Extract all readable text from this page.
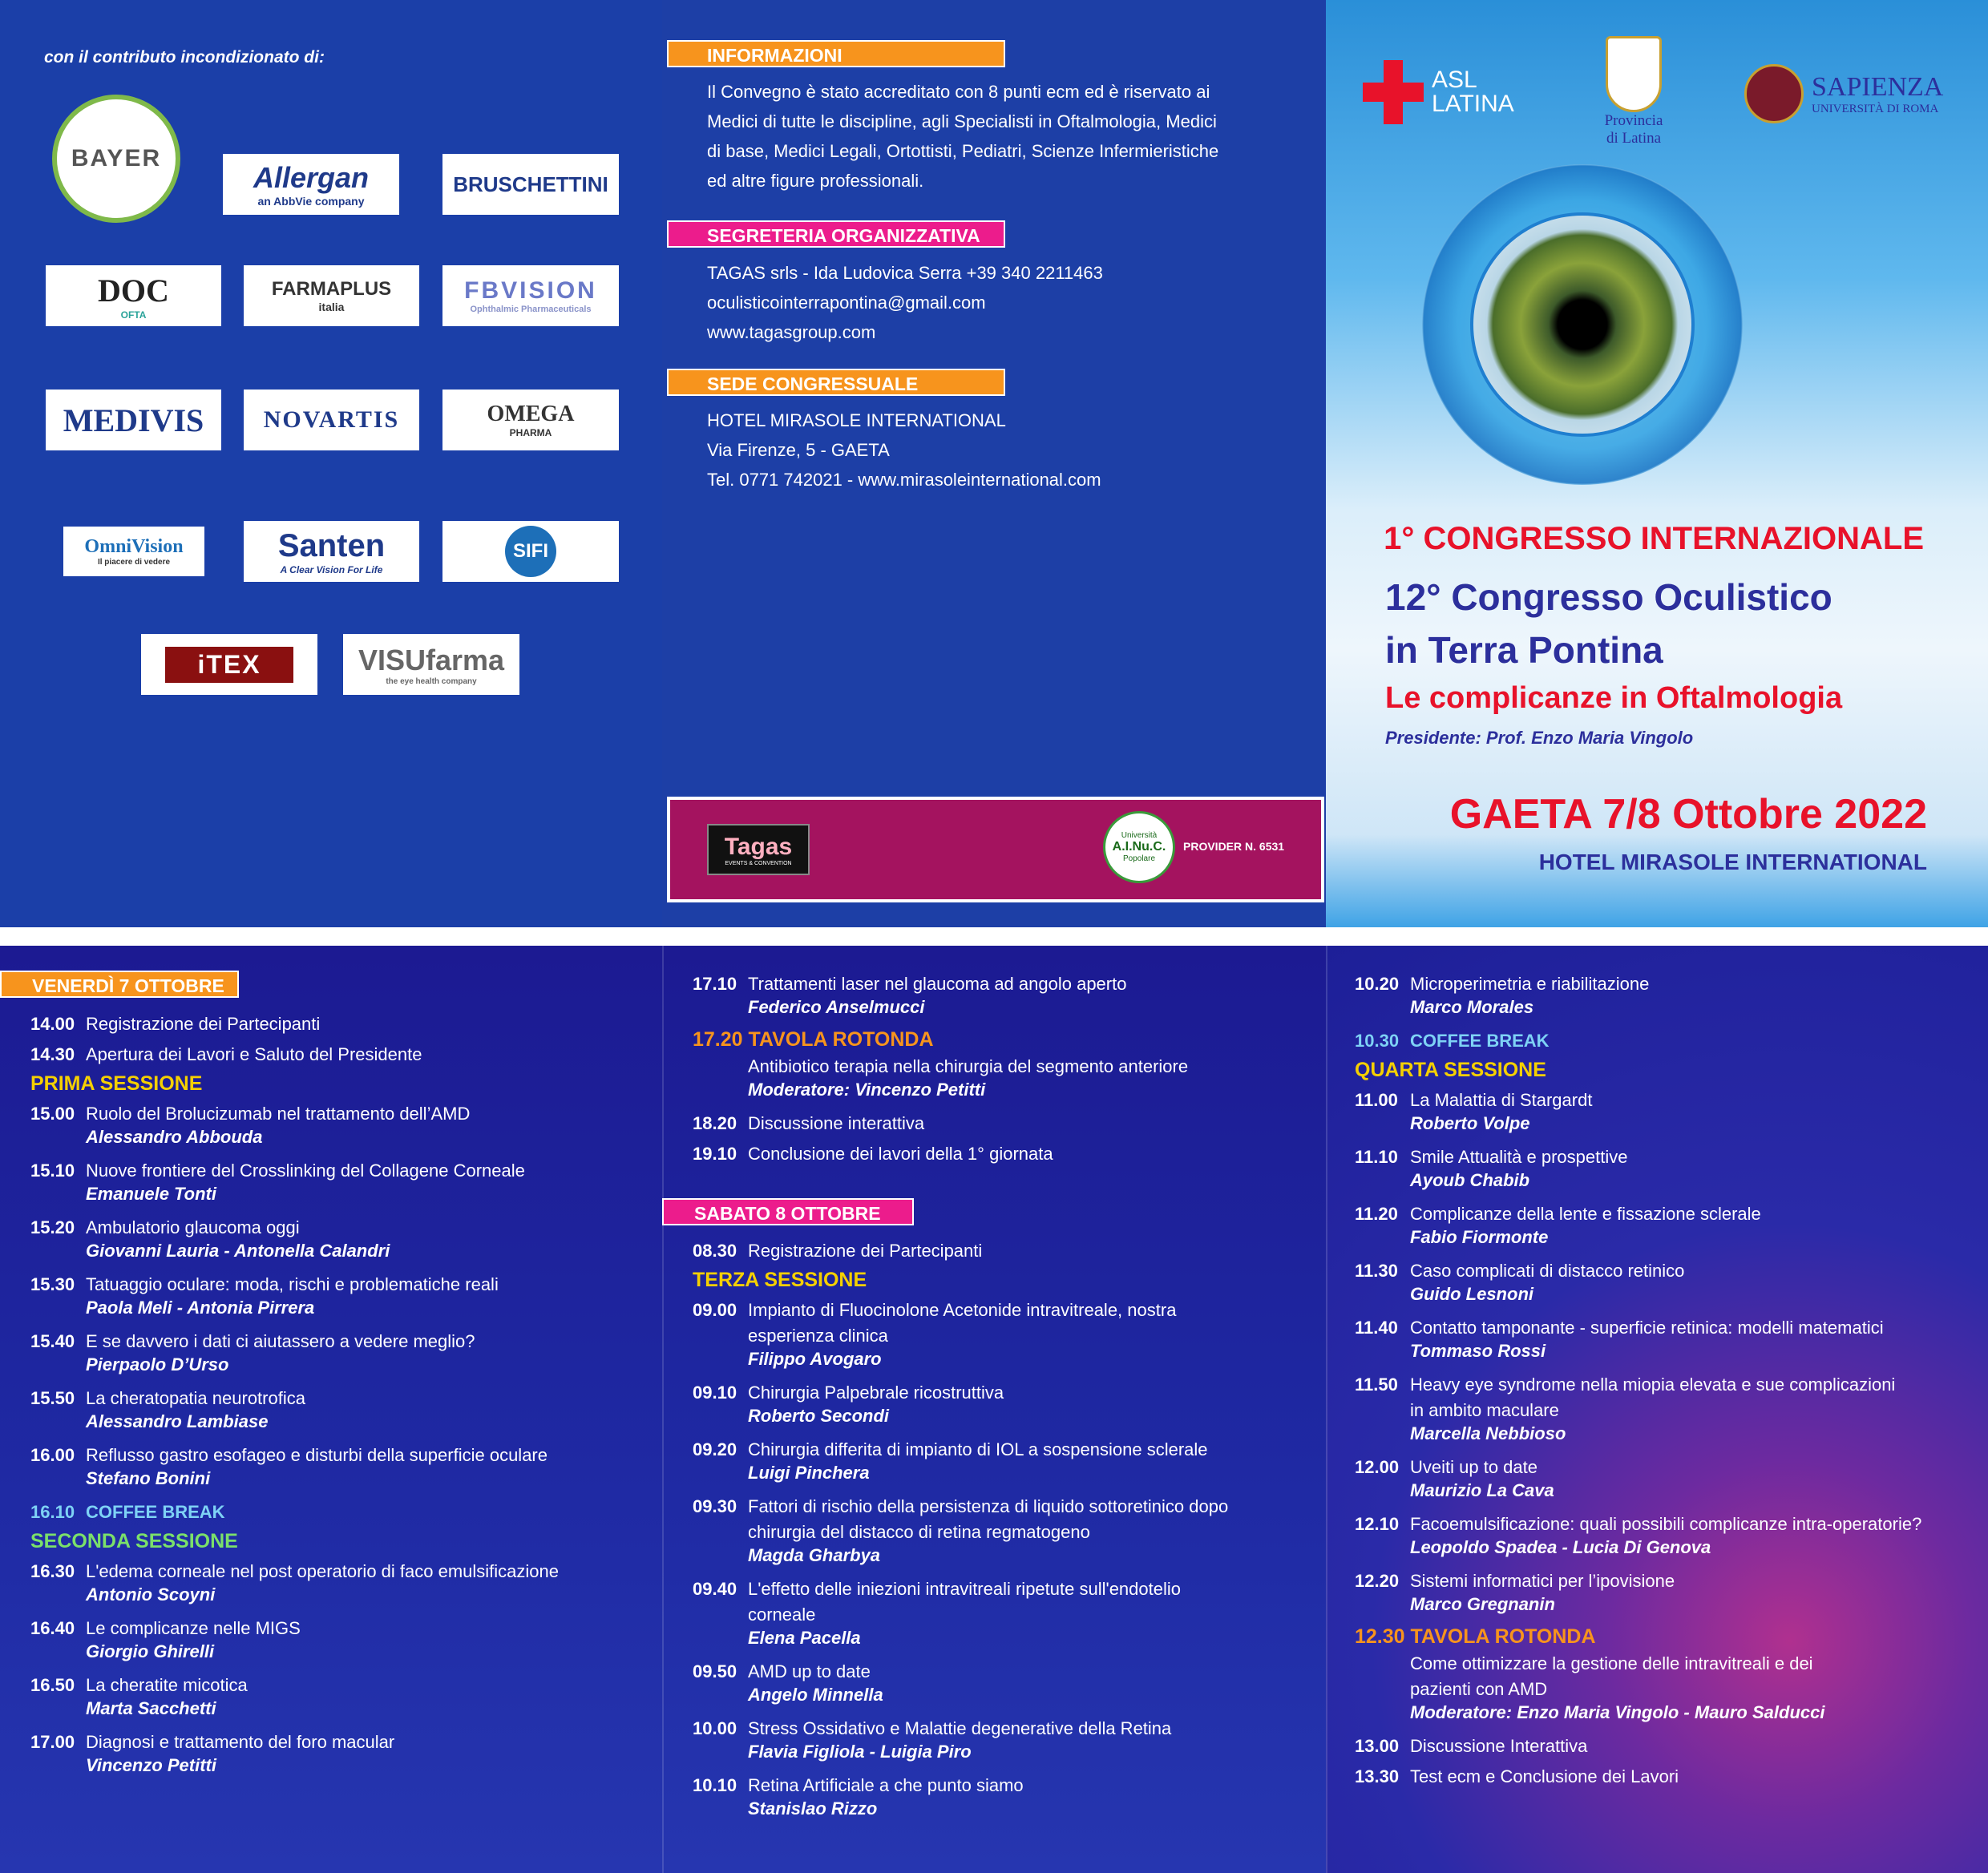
con il contributo incondizionato di:
BAYER
Allergan
an AbbVie company
BRUSCHETTINI
DOC
OFTA
FARMAPLUS
italia
FBVISION
Ophthalmic Pharmaceuticals
MEDIVIS NOVARTIS	OMEGA
PHARMA
OmniVision
Il piacere di vedere	Santen
A Clear Vision For Life
SIFI
iTEX	VISUfarma
the eye health company
INFORMAZIONI
Il Convegno è stato accreditato con 8 punti ecm ed è riservato ai
Medici di tutte le discipline, agli Specialisti in Oftalmologia, Medici
di base, Medici Legali, Ortottisti, Pediatri, Scienze Infermieristiche
ed altre figure professionali.
SEGRETERIA ORGANIZZATIVA
TAGAS srls - Ida Ludovica Serra +39 340 2211463
oculisticointerrapontina@gmail.com
www.tagasgroup.com
SEDE CONGRESSUALE
HOTEL MIRASOLE INTERNATIONAL
Via Firenze, 5 - GAETA
Tel. 0771 742021 - www.mirasoleinternational.com
Tagas
EVENTS & CONVENTION
Università
A.I.Nu.C.
Popolare
PROVIDER N. 6531
ASL
LATINA
Provincia
di Latina
SAPIENZA
UNIVERSITÀ DI ROMA
1° CONGRESSO INTERNAZIONALE
12° Congresso Oculistico
in Terra Pontina
Le complicanze in Oftalmologia
Presidente: Prof. Enzo Maria Vingolo
GAETA 7/8 Ottobre 2022
HOTEL MIRASOLE INTERNATIONAL
VENERDÌ 7 OTTOBRE
SABATO 8 OTTOBRE
14.00 Registrazione dei Partecipanti
14.30 Apertura dei Lavori e Saluto del Presidente
PRIMA SESSIONE
15.00 Ruolo del Brolucizumab nel trattamento dell’AMD
Alessandro Abbouda
15.10 Nuove frontiere del Crosslinking del Collagene Corneale
Emanuele Tonti
15.20 Ambulatorio glaucoma oggi
Giovanni Lauria - Antonella Calandri
15.30 Tatuaggio oculare: moda, rischi e problematiche reali
Paola Meli - Antonia Pirrera
15.40 E se davvero i dati ci aiutassero a vedere meglio?
Pierpaolo D’Urso
15.50 La cheratopatia neurotrofica
Alessandro Lambiase
16.00 Reflusso gastro esofageo e disturbi della superficie oculare
Stefano Bonini
16.10 COFFEE BREAK
SECONDA SESSIONE
16.30 L'edema corneale nel post operatorio di faco emulsificazione
Antonio Scoyni
16.40 Le complicanze nelle MIGS
Giorgio Ghirelli
16.50 La cheratite micotica
Marta Sacchetti
17.00 Diagnosi e trattamento del foro macular
Vincenzo Petitti
17.10 Trattamenti laser nel glaucoma ad angolo aperto
Federico Anselmucci
17.20 TAVOLA ROTONDA
Antibiotico terapia nella chirurgia del segmento anteriore
Moderatore: Vincenzo Petitti
18.20 Discussione interattiva
19.10 Conclusione dei lavori della 1° giornata
08.30 Registrazione dei Partecipanti
TERZA SESSIONE
09.00 Impianto di Fluocinolone Acetonide intravitreale, nostra
esperienza clinica
Filippo Avogaro
09.10 Chirurgia Palpebrale ricostruttiva
Roberto Secondi
09.20 Chirurgia differita di impianto di IOL a sospensione sclerale
Luigi Pinchera
09.30 Fattori di rischio della persistenza di liquido sottoretinico dopo
chirurgia del distacco di retina regmatogeno
Magda Gharbya
09.40 L'effetto delle iniezioni intravitreali ripetute sull'endotelio
corneale
Elena Pacella
09.50 AMD up to date
Angelo Minnella
10.00 Stress Ossidativo e Malattie degenerative della Retina
Flavia Figliola - Luigia Piro
10.10 Retina Artificiale a che punto siamo
Stanislao Rizzo
10.20 Microperimetria e riabilitazione
Marco Morales
10.30 COFFEE BREAK
QUARTA SESSIONE
11.00 La Malattia di Stargardt
Roberto Volpe
11.10 Smile Attualità e prospettive
Ayoub Chabib
11.20 Complicanze della lente e fissazione sclerale
Fabio Fiormonte
11.30 Caso complicati di distacco retinico
Guido Lesnoni
11.40 Contatto tamponante - superficie retinica: modelli matematici
Tommaso Rossi
11.50 Heavy eye syndrome nella miopia elevata e sue complicazioni
in ambito maculare
Marcella Nebbioso
12.00 Uveiti up to date
Maurizio La Cava
12.10 Facoemulsificazione: quali possibili complicanze intra-operatorie?
Leopoldo Spadea - Lucia Di Genova
12.20 Sistemi informatici per l’ipovisione
Marco Gregnanin
12.30 TAVOLA ROTONDA
Come ottimizzare la gestione delle intravitreali e dei
pazienti con AMD
Moderatore: Enzo Maria Vingolo - Mauro Salducci
13.00 Discussione Interattiva
13.30 Test ecm e Conclusione dei Lavori
